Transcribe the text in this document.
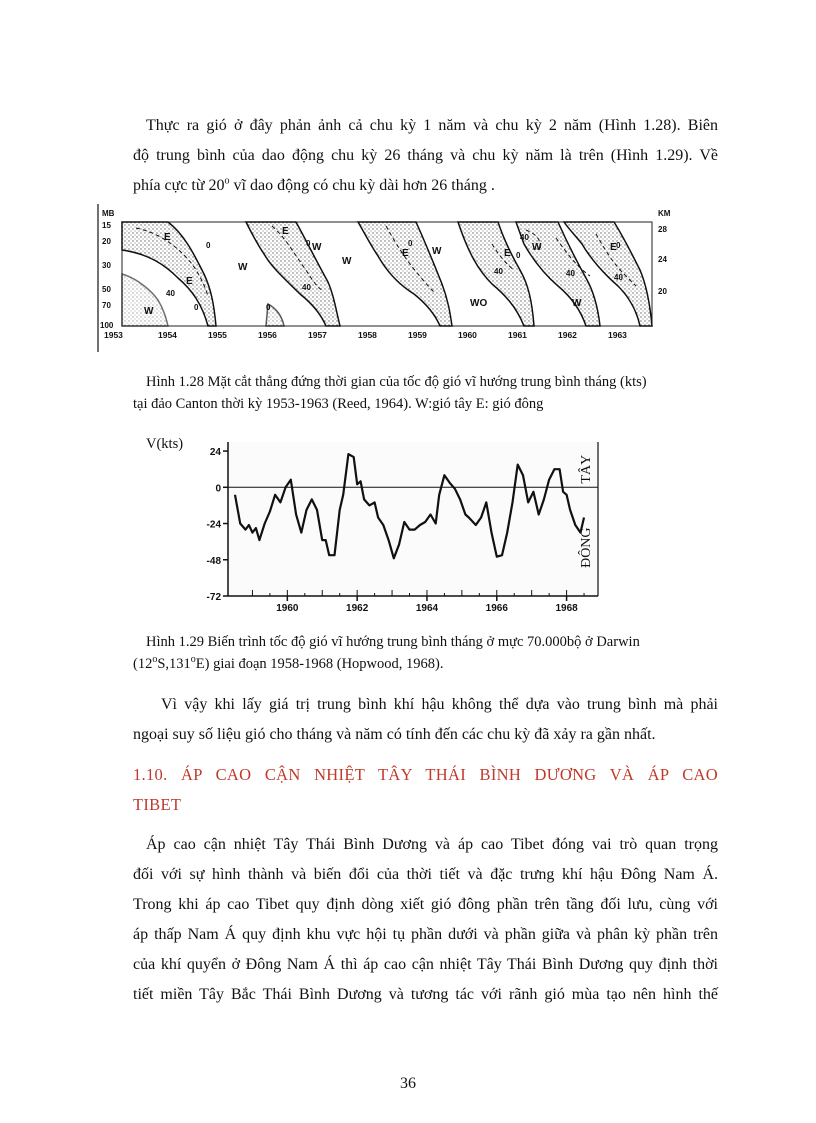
Thực ra gió ở đây phản ảnh cả chu kỳ 1 năm và chu kỳ 2 năm (Hình 1.28). Biên
độ trung bình của dao động chu kỳ 26 tháng và chu kỳ năm là trên (Hình 1.29). Về
phía cực từ 20$^o$ vĩ dao động có chu kỳ dài hơn 26 tháng .
MB
15
20
30
50
70
100
KM
28
24
20
1953	1954	1955	1956	1957	1958	1959	1960	1961	1962	1963
E
E
E
E	E
E
W
W
W
W
W	W
WO	W
0	0	0
0
0
0	0
40
40
40
40
40
40

Hình 1.28 Mặt cắt thẳng đứng thời gian của tốc độ gió vĩ hướng trung bình tháng (kts)
tại đảo Canton thời kỳ 1953-1963 (Reed, 1964). W:gió tây E: gió đông

V(kts)
24
0
-24
-48
-72
1960	1962	1964	1966	1968
TÂY
ĐÔNG

Hình 1.29 Biến trình tốc độ gió vĩ hướng trung bình tháng ở mực 70.000bộ ở Darwin
(12$^o$S,131$^o$E) giai đoạn 1958-1968 (Hopwood, 1968).

Vì vậy khi lấy giá trị trung bình khí hậu không thể dựa vào trung bình mà phải
ngoại suy số liệu gió cho tháng và năm có tính đến các chu kỳ đã xảy ra gần nhất.
1.10. ÁP CAO CẬN NHIỆT TÂY THÁI BÌNH DƯƠNG VÀ ÁP CAO
TIBET
Áp cao cận nhiệt Tây Thái Bình Dương và áp cao Tibet đóng vai trò quan trọng
đối với sự hình thành và biến đổi của thời tiết và đặc trưng khí hậu Đông Nam Á.
Trong khi áp cao Tibet quy định dòng xiết gió đông phần trên tầng đối lưu, cùng với
áp thấp Nam Á quy định khu vực hội tụ phần dưới và phần giữa và phân kỳ phần trên
của khí quyển ở Đông Nam Á thì áp cao cận nhiệt Tây Thái Bình Dương quy định thời
tiết miền Tây Bắc Thái Bình Dương và tương tác với rãnh gió mùa tạo nên hình thế
36
